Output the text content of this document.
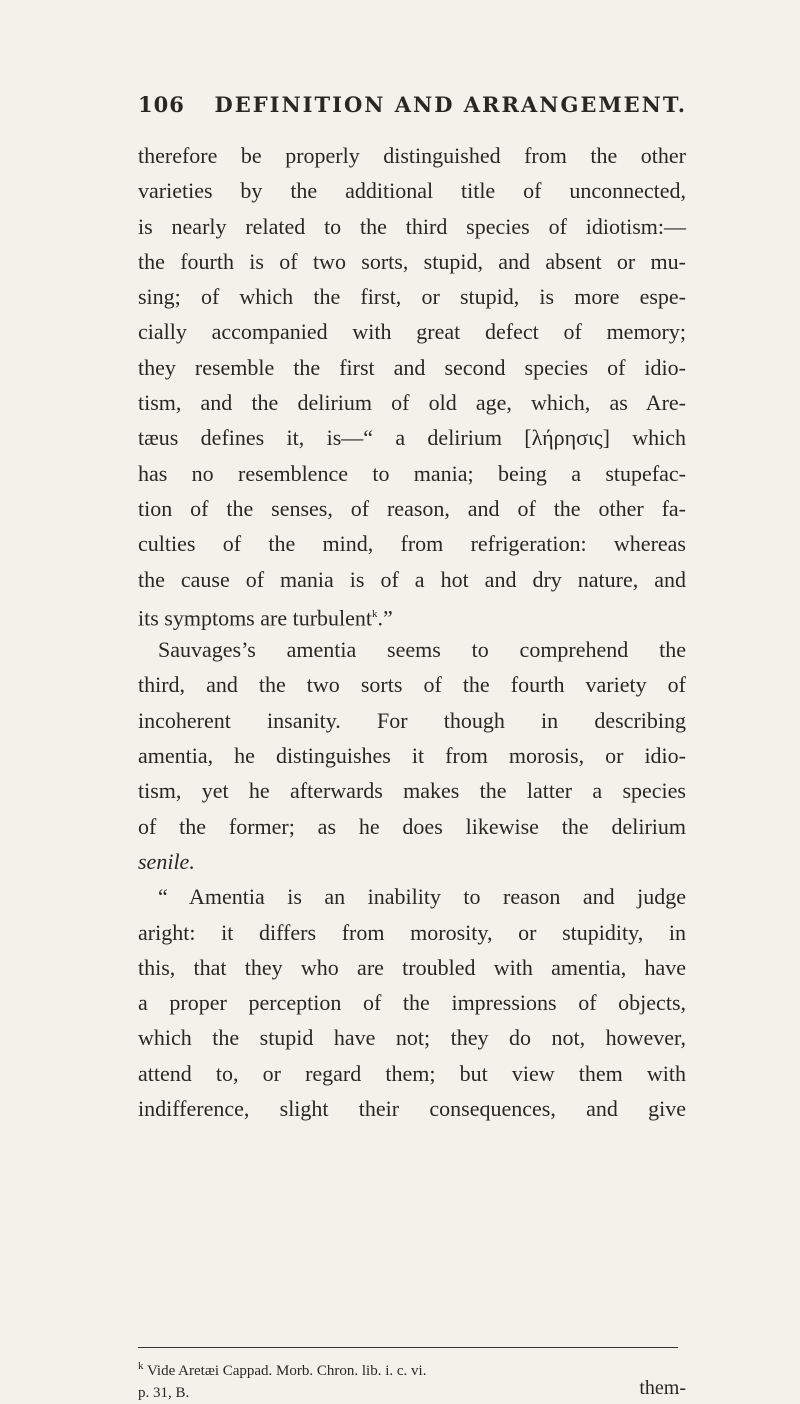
106 DEFINITION AND ARRANGEMENT.
therefore be properly distinguished from the other
varieties by the additional title of unconnected,
is nearly related to the third species of idiotism:—
the fourth is of two sorts, stupid, and absent or mu-
sing; of which the first, or stupid, is more espe-
cially accompanied with great defect of memory;
they resemble the first and second species of idio-
tism, and the delirium of old age, which, as Are-
tæus defines it, is—“ a delirium [λήρησις] which
has no resemblence to mania; being a stupefac-
tion of the senses, of reason, and of the other fa-
culties of the mind, from refrigeration: whereas
the cause of mania is of a hot and dry nature, and
its symptoms are turbulent$^k$.”
Sauvages’s amentia seems to comprehend the
third, and the two sorts of the fourth variety of
incoherent insanity. For though in describing
amentia, he distinguishes it from morosis, or idio-
tism, yet he afterwards makes the latter a species
of the former; as he does likewise the delirium
senile.
“ Amentia is an inability to reason and judge
aright: it differs from morosity, or stupidity, in
this, that they who are troubled with amentia, have
a proper perception of the impressions of objects,
which the stupid have not; they do not, however,
attend to, or regard them; but view them with
indifference, slight their consequences, and give
$^k$ Vide Aretæi Cappad. Morb. Chron. lib. i. c. vi.
p. 31, B.	them-
